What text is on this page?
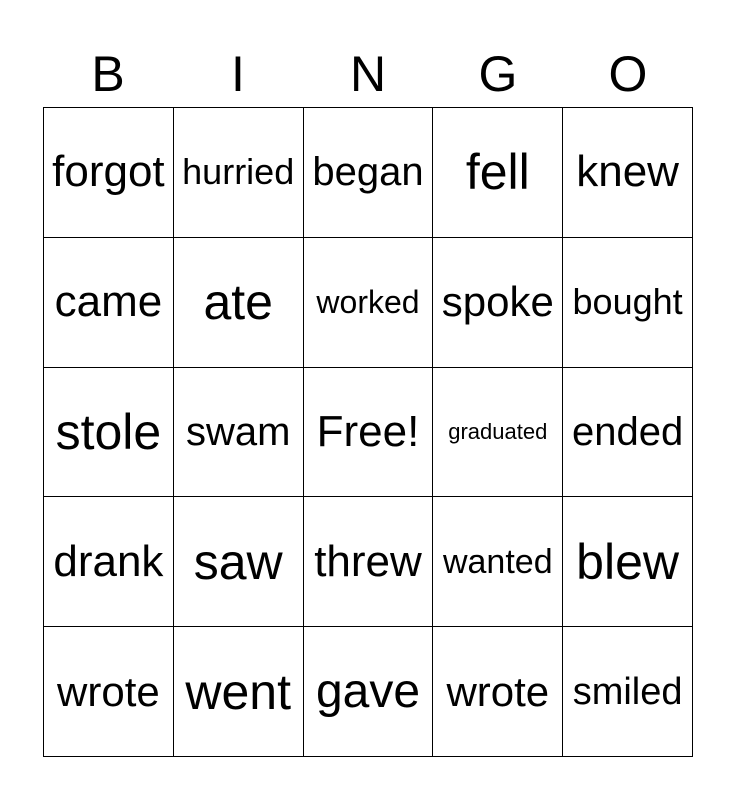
B	I	N	G	O
forgot hurried began fell	knew
came ate	worked spoke bought
stole swam Free!	graduated ended
drank saw threw wanted blew
wrote went gave wrote smiled
